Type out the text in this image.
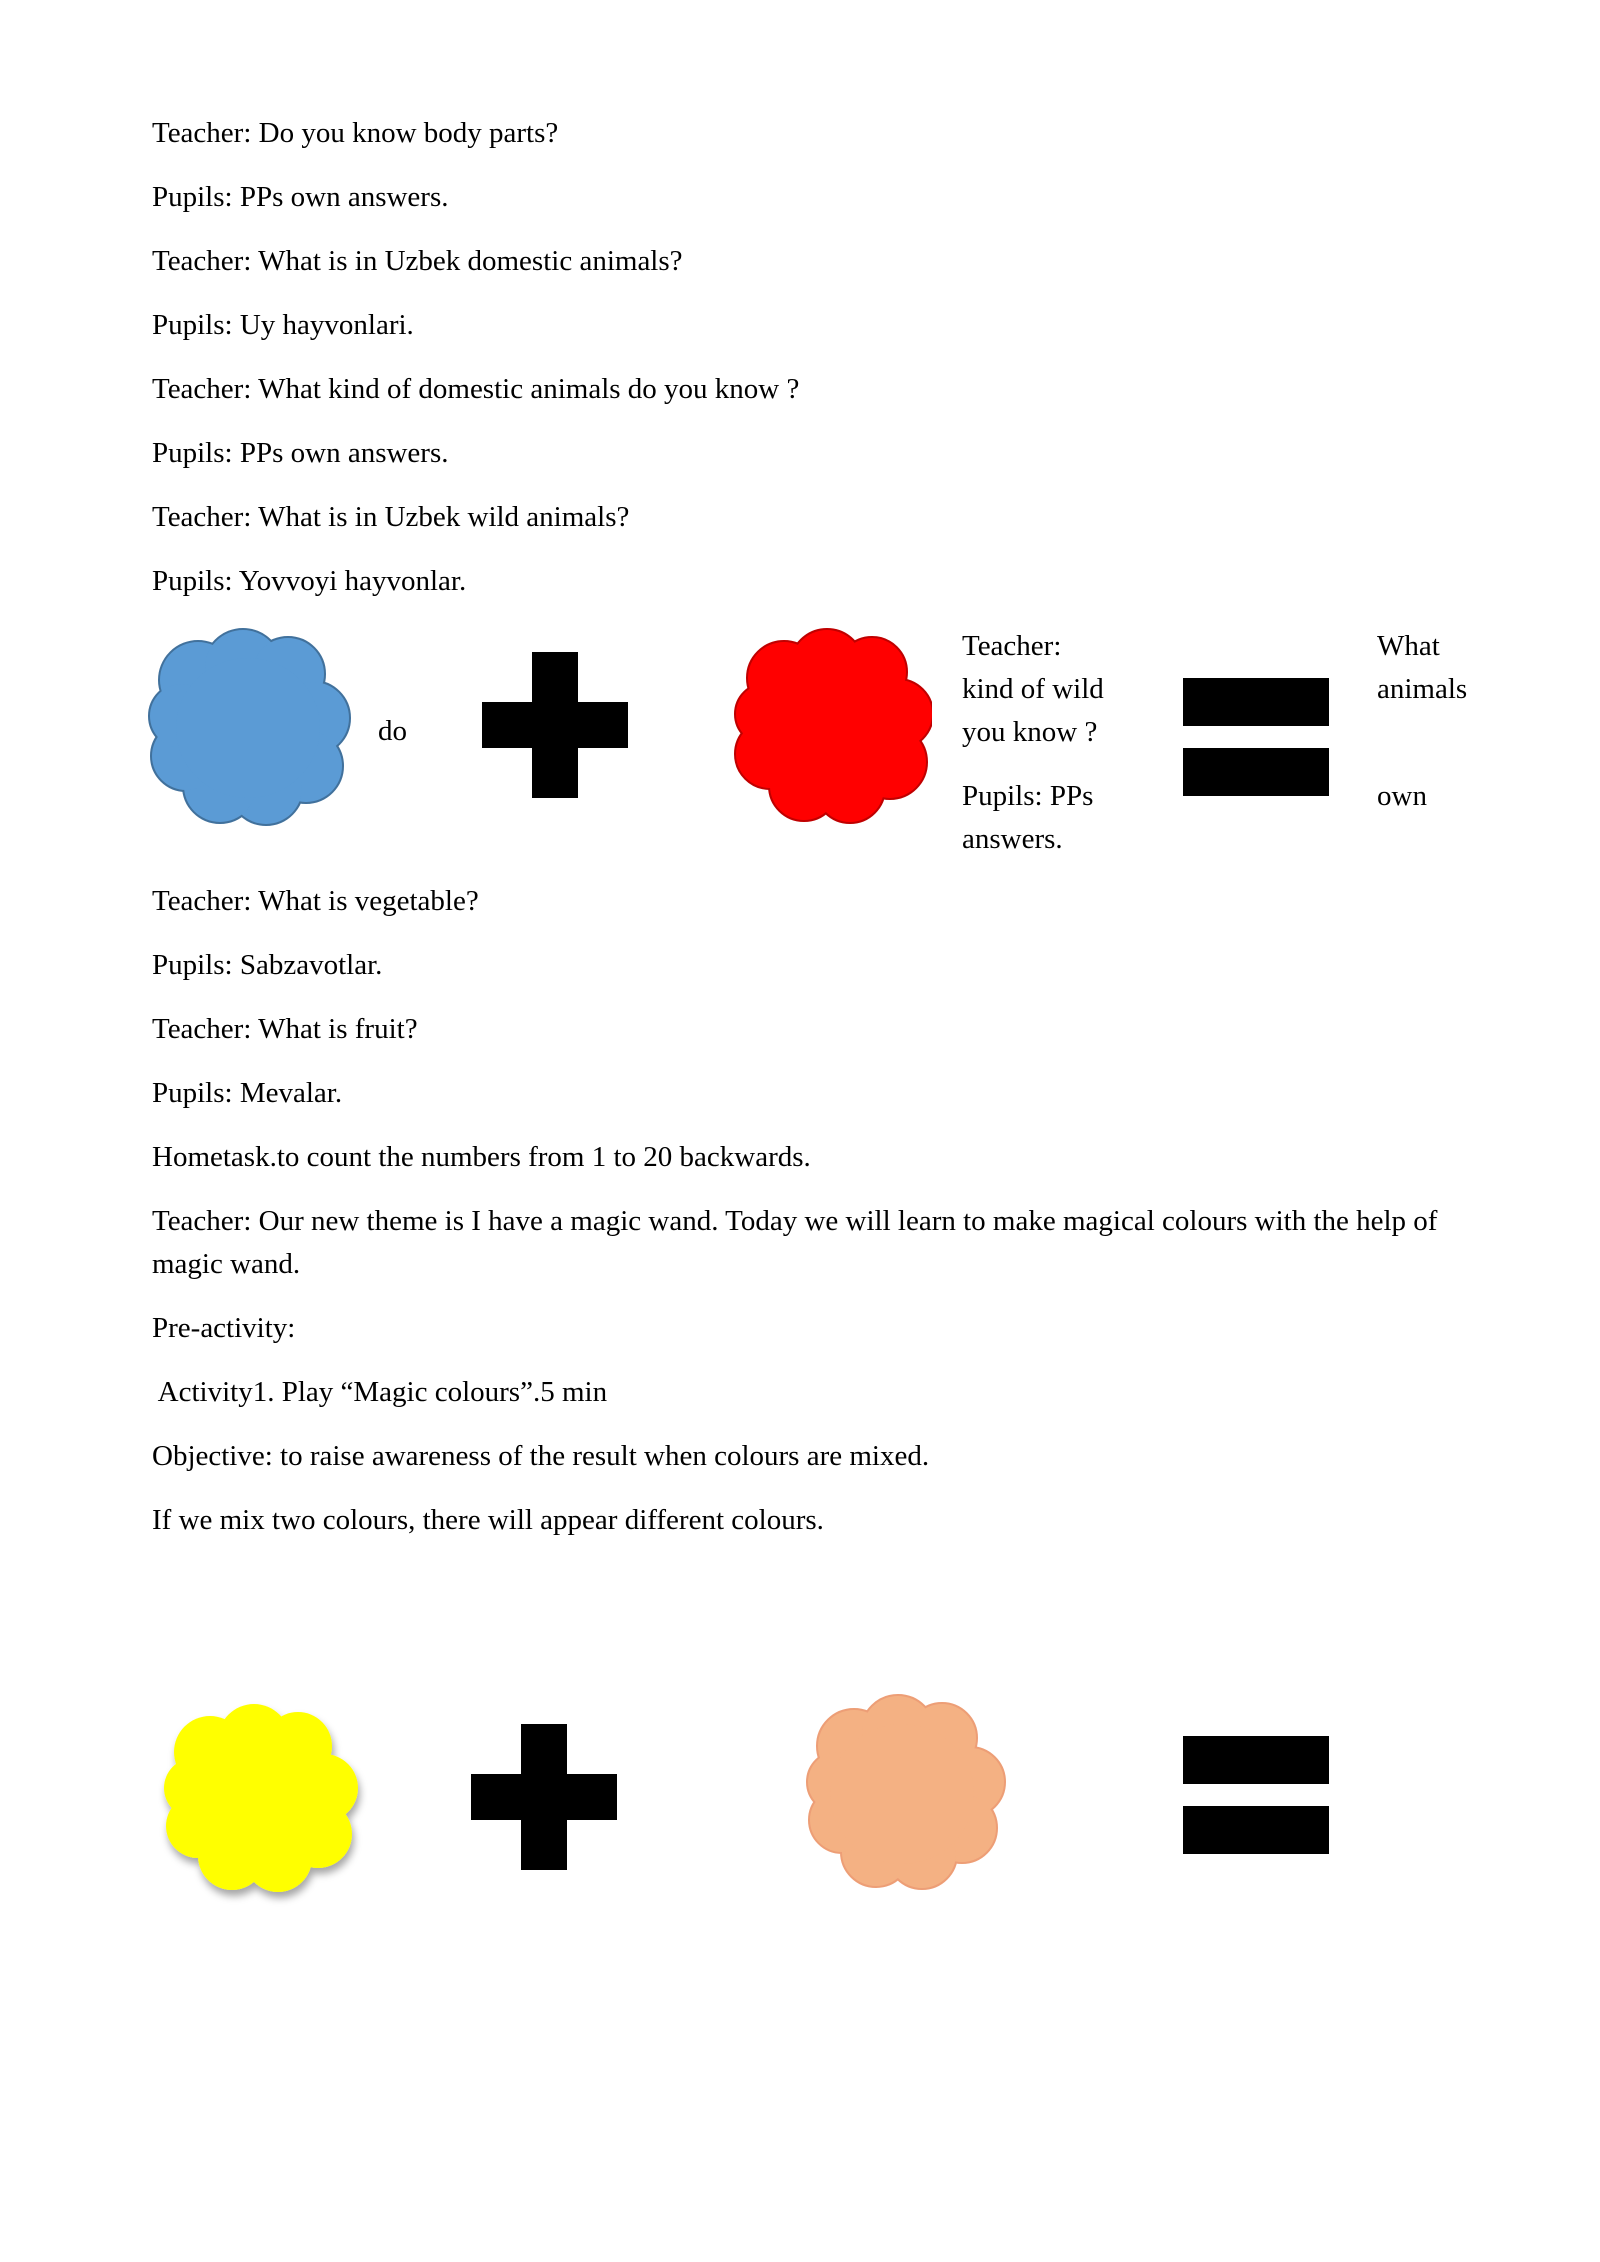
Teacher: Do you know body parts?
Pupils: PPs own answers.
Teacher: What is in Uzbek domestic animals?
Pupils: Uy hayvonlari.
Teacher: What kind of domestic animals do you know ?
Pupils: PPs own answers.
Teacher: What is in Uzbek wild animals?
Pupils: Yovvoyi hayvonlar.
do
Teacher:
kind of wild
you know ?
Pupils: PPs
answers.
What
animals
own
Teacher: What is vegetable?
Pupils: Sabzavotlar.
Teacher: What is fruit?
Pupils: Mevalar.
Hometask.to count the numbers from 1 to 20 backwards.
Teacher: Our new theme is I have a magic wand. Today we will learn to make magical colours with the help of magic wand.
Pre-activity:
Activity1. Play “Magic colours”.5 min
Objective: to raise awareness of the result when colours are mixed.
If we mix two colours, there will appear different colours.
